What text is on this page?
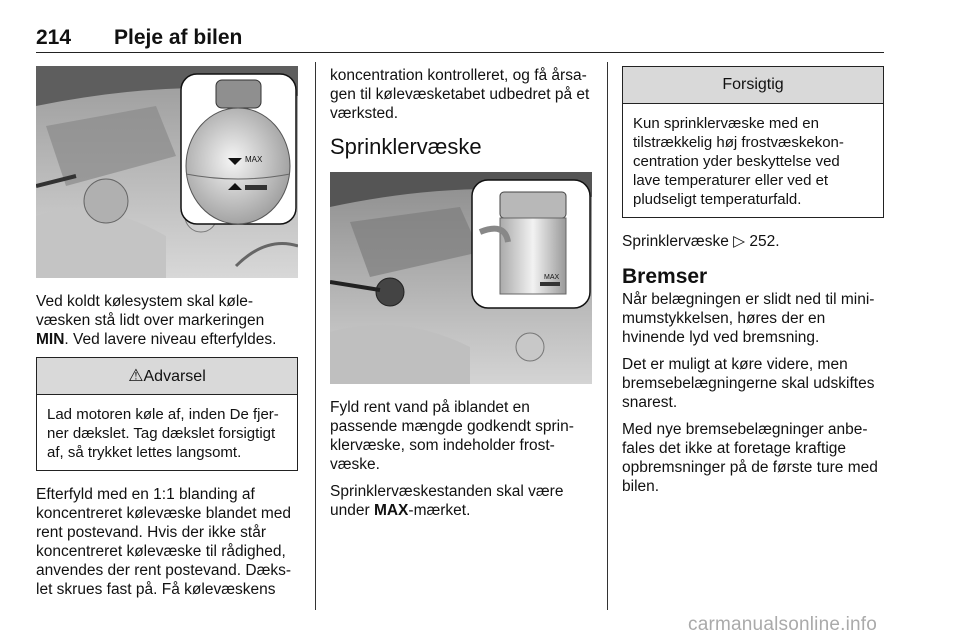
214 Pleje af bilen
MAX

Ved koldt kølesystem skal køle-
væsken stå lidt over markeringen
MIN. Ved lavere niveau efterfyldes.

⚠Advarsel
Lad motoren køle af, inden De fjer-
ner dækslet. Tag dækslet forsigtigt
af, så trykket lettes langsomt.

Efterfyld med en 1:1 blanding af
koncentreret kølevæske blandet med
rent postevand. Hvis der ikke står
koncentreret kølevæske til rådighed,
anvendes der rent postevand. Dæks-
let skrues fast på. Få kølevæskens

koncentration kontrolleret, og få årsa-
gen til kølevæsketabet udbedret på et
værksted.

Sprinklervæske
MAX

Fyld rent vand på iblandet en
passende mængde godkendt sprin-
klervæske, som indeholder frost-
væske.

Sprinklervæskestanden skal være
under MAX-mærket.

Forsigtig
Kun sprinklervæske med en
tilstrækkelig høj frostvæskekon-
centration yder beskyttelse ved
lave temperaturer eller ved et
pludseligt temperaturfald.

Sprinklervæske ▷ 252.

Bremser

Når belægningen er slidt ned til mini-
mumstykkelsen, høres der en
hvinende lyd ved bremsning.

Det er muligt at køre videre, men
bremsebelægningerne skal udskiftes
snarest.

Med nye bremsebelægninger anbe-
fales det ikke at foretage kraftige
opbremsninger på de første ture med
bilen.

carmanualsonline.info
